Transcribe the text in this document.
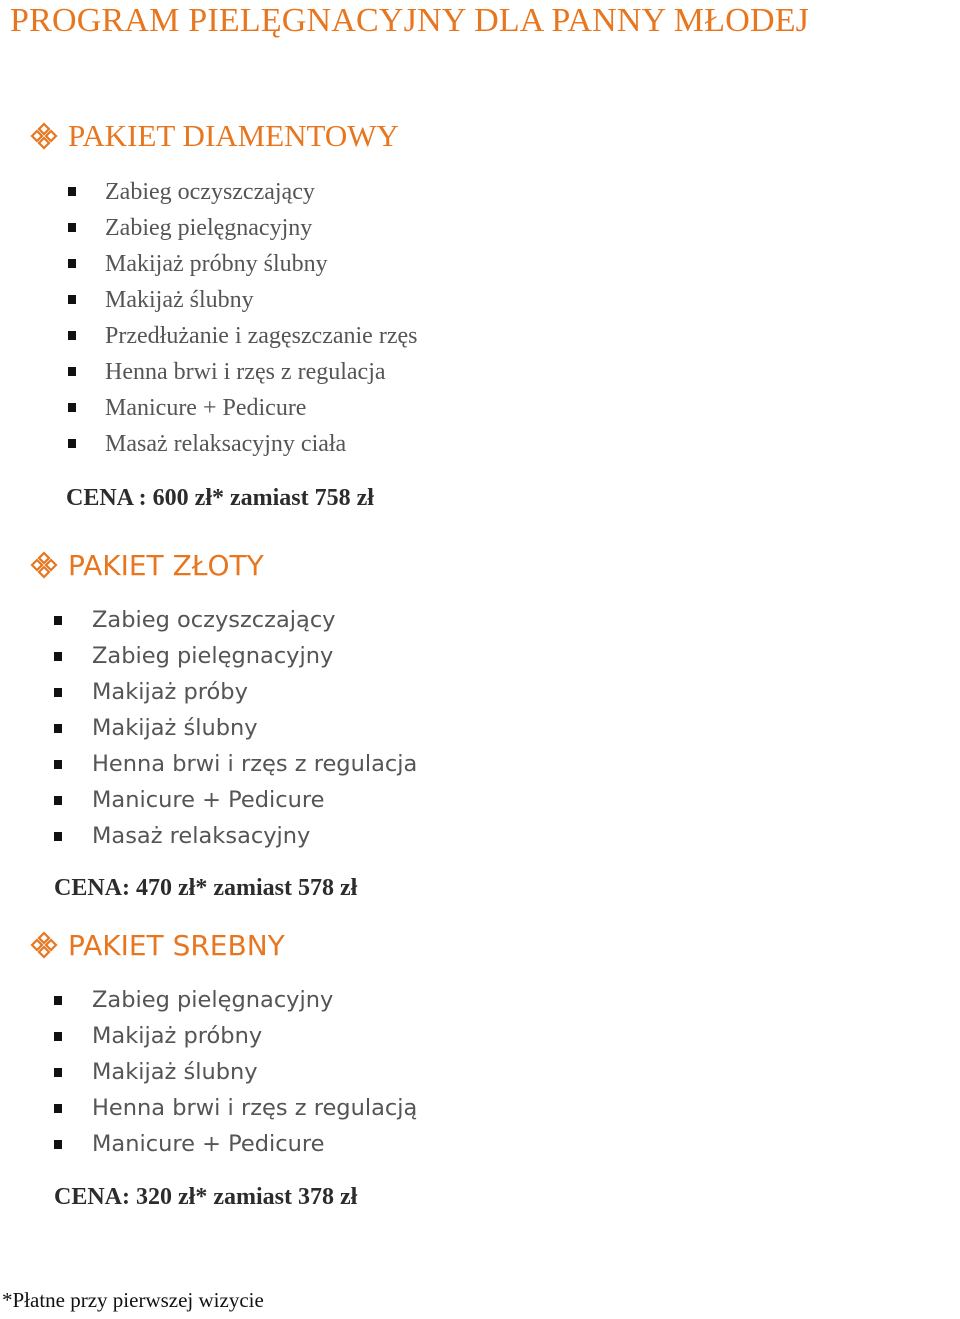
PROGRAM PIELĘGNACYJNY DLA PANNY MŁODEJ
PAKIET DIAMENTOWY
Zabieg oczyszczający
Zabieg pielęgnacyjny
Makijaż próbny ślubny
Makijaż ślubny
Przedłużanie i zagęszczanie rzęs
Henna brwi i rzęs z regulacja
Manicure + Pedicure
Masaż relaksacyjny ciała
CENA : 600 zł* zamiast 758 zł
PAKIET ZŁOTY
Zabieg oczyszczający
Zabieg pielęgnacyjny
Makijaż próby
Makijaż ślubny
Henna brwi i rzęs z regulacja
Manicure + Pedicure
Masaż relaksacyjny
CENA: 470 zł* zamiast 578 zł
PAKIET SREBNY
Zabieg pielęgnacyjny
Makijaż próbny
Makijaż ślubny
Henna brwi i rzęs z regulacją
Manicure + Pedicure
CENA: 320 zł* zamiast 378 zł
*Płatne przy pierwszej wizycie
